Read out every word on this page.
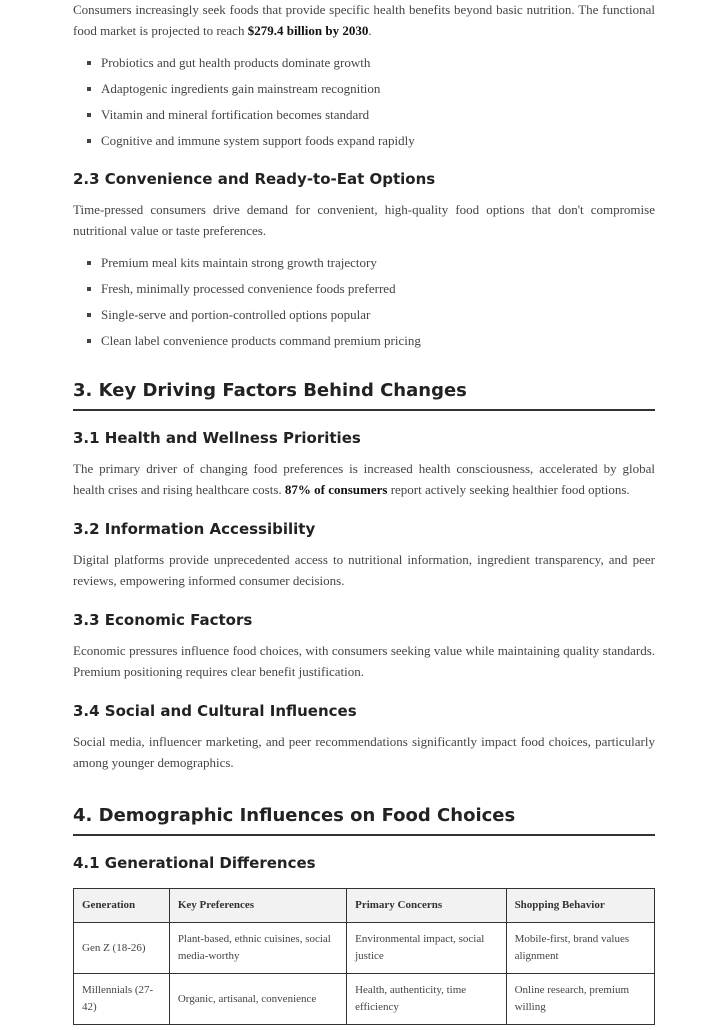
Consumers increasingly seek foods that provide specific health benefits beyond basic nutrition. The functional food market is projected to reach $279.4 billion by 2030.

Probiotics and gut health products dominate growth
Adaptogenic ingredients gain mainstream recognition
Vitamin and mineral fortification becomes standard
Cognitive and immune system support foods expand rapidly
2.3 Convenience and Ready-to-Eat Options

Time-pressed consumers drive demand for convenient, high-quality food options that don't compromise nutritional value or taste preferences.

Premium meal kits maintain strong growth trajectory
Fresh, minimally processed convenience foods preferred
Single-serve and portion-controlled options popular
Clean label convenience products command premium pricing
3. Key Driving Factors Behind Changes
3.1 Health and Wellness Priorities

The primary driver of changing food preferences is increased health consciousness, accelerated by global health crises and rising healthcare costs. 87% of consumers report actively seeking healthier food options.

3.2 Information Accessibility

Digital platforms provide unprecedented access to nutritional information, ingredient transparency, and peer reviews, empowering informed consumer decisions.

3.3 Economic Factors

Economic pressures influence food choices, with consumers seeking value while maintaining quality standards. Premium positioning requires clear benefit justification.

3.4 Social and Cultural Influences

Social media, influencer marketing, and peer recommendations significantly impact food choices, particularly among younger demographics.

4. Demographic Influences on Food Choices
4.1 Generational Differences
Generation	Key Preferences	Primary Concerns	Shopping Behavior
Gen Z (18-26)	Plant-based, ethnic cuisines, social media-worthy	Environmental impact, social justice	Mobile-first, brand values alignment
Millennials (27-42)	Organic, artisanal, convenience	Health, authenticity, time efficiency	Online research, premium willing
